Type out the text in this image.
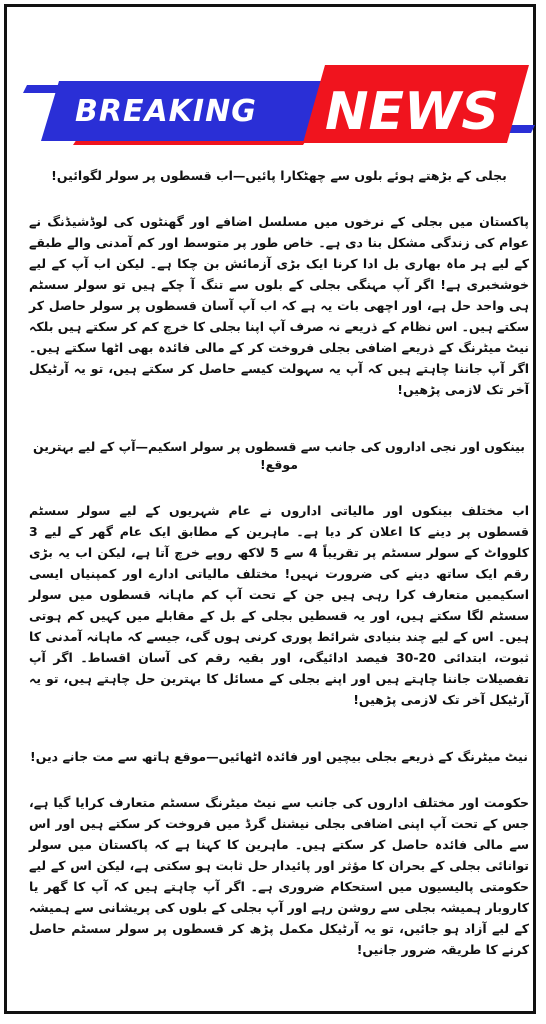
BREAKING NEWS
بجلی کے بڑھتے ہوئے بلوں سے چھٹکارا پائیں—اب قسطوں پر سولر لگوائیں!
پاکستان میں بجلی کے نرخوں میں مسلسل اضافے اور گھنٹوں کی لوڈشیڈنگ نے عوام کی زندگی مشکل بنا دی ہے۔ خاص طور پر متوسط اور کم آمدنی والے طبقے کے لیے ہر ماہ بھاری بل ادا کرنا ایک بڑی آزمائش بن چکا ہے۔ لیکن اب آپ کے لیے خوشخبری ہے! اگر آپ مہنگی بجلی کے بلوں سے تنگ آ چکے ہیں تو سولر سسٹم ہی واحد حل ہے، اور اچھی بات یہ ہے کہ اب آپ آسان قسطوں پر سولر حاصل کر سکتے ہیں۔ اس نظام کے ذریعے نہ صرف آپ اپنا بجلی کا خرچ کم کر سکتے ہیں بلکہ نیٹ میٹرنگ کے ذریعے اضافی بجلی فروخت کر کے مالی فائدہ بھی اٹھا سکتے ہیں۔ اگر آپ جاننا چاہتے ہیں کہ آپ یہ سہولت کیسے حاصل کر سکتے ہیں، تو یہ آرٹیکل آخر تک لازمی پڑھیں!
بینکوں اور نجی اداروں کی جانب سے قسطوں پر سولر اسکیم—آپ کے لیے بہترین موقع!
اب مختلف بینکوں اور مالیاتی اداروں نے عام شہریوں کے لیے سولر سسٹم قسطوں پر دینے کا اعلان کر دیا ہے۔ ماہرین کے مطابق ایک عام گھر کے لیے 3 کلوواٹ کے سولر سسٹم پر تقریباً 4 سے 5 لاکھ روپے خرچ آتا ہے، لیکن اب یہ بڑی رقم ایک ساتھ دینے کی ضرورت نہیں! مختلف مالیاتی ادارے اور کمپنیاں ایسی اسکیمیں متعارف کرا رہی ہیں جن کے تحت آپ کم ماہانہ قسطوں میں سولر سسٹم لگا سکتے ہیں، اور یہ قسطیں بجلی کے بل کے مقابلے میں کہیں کم ہوتی ہیں۔ اس کے لیے چند بنیادی شرائط پوری کرنی ہوں گی، جیسے کہ ماہانہ آمدنی کا ثبوت، ابتدائی 20-30 فیصد ادائیگی، اور بقیہ رقم کی آسان اقساط۔ اگر آپ تفصیلات جاننا چاہتے ہیں اور اپنے بجلی کے مسائل کا بہترین حل چاہتے ہیں، تو یہ آرٹیکل آخر تک لازمی پڑھیں!
نیٹ میٹرنگ کے ذریعے بجلی بیچیں اور فائدہ اٹھائیں—موقع ہاتھ سے مت جانے دیں!
حکومت اور مختلف اداروں کی جانب سے نیٹ میٹرنگ سسٹم متعارف کرایا گیا ہے، جس کے تحت آپ اپنی اضافی بجلی نیشنل گرڈ میں فروخت کر سکتے ہیں اور اس سے مالی فائدہ حاصل کر سکتے ہیں۔ ماہرین کا کہنا ہے کہ پاکستان میں سولر توانائی بجلی کے بحران کا مؤثر اور پائیدار حل ثابت ہو سکتی ہے، لیکن اس کے لیے حکومتی پالیسیوں میں استحکام ضروری ہے۔ اگر آپ چاہتے ہیں کہ آپ کا گھر یا کاروبار ہمیشہ بجلی سے روشن رہے اور آپ بجلی کے بلوں کی پریشانی سے ہمیشہ کے لیے آزاد ہو جائیں، تو یہ آرٹیکل مکمل پڑھ کر قسطوں پر سولر سسٹم حاصل کرنے کا طریقہ ضرور جانیں!
